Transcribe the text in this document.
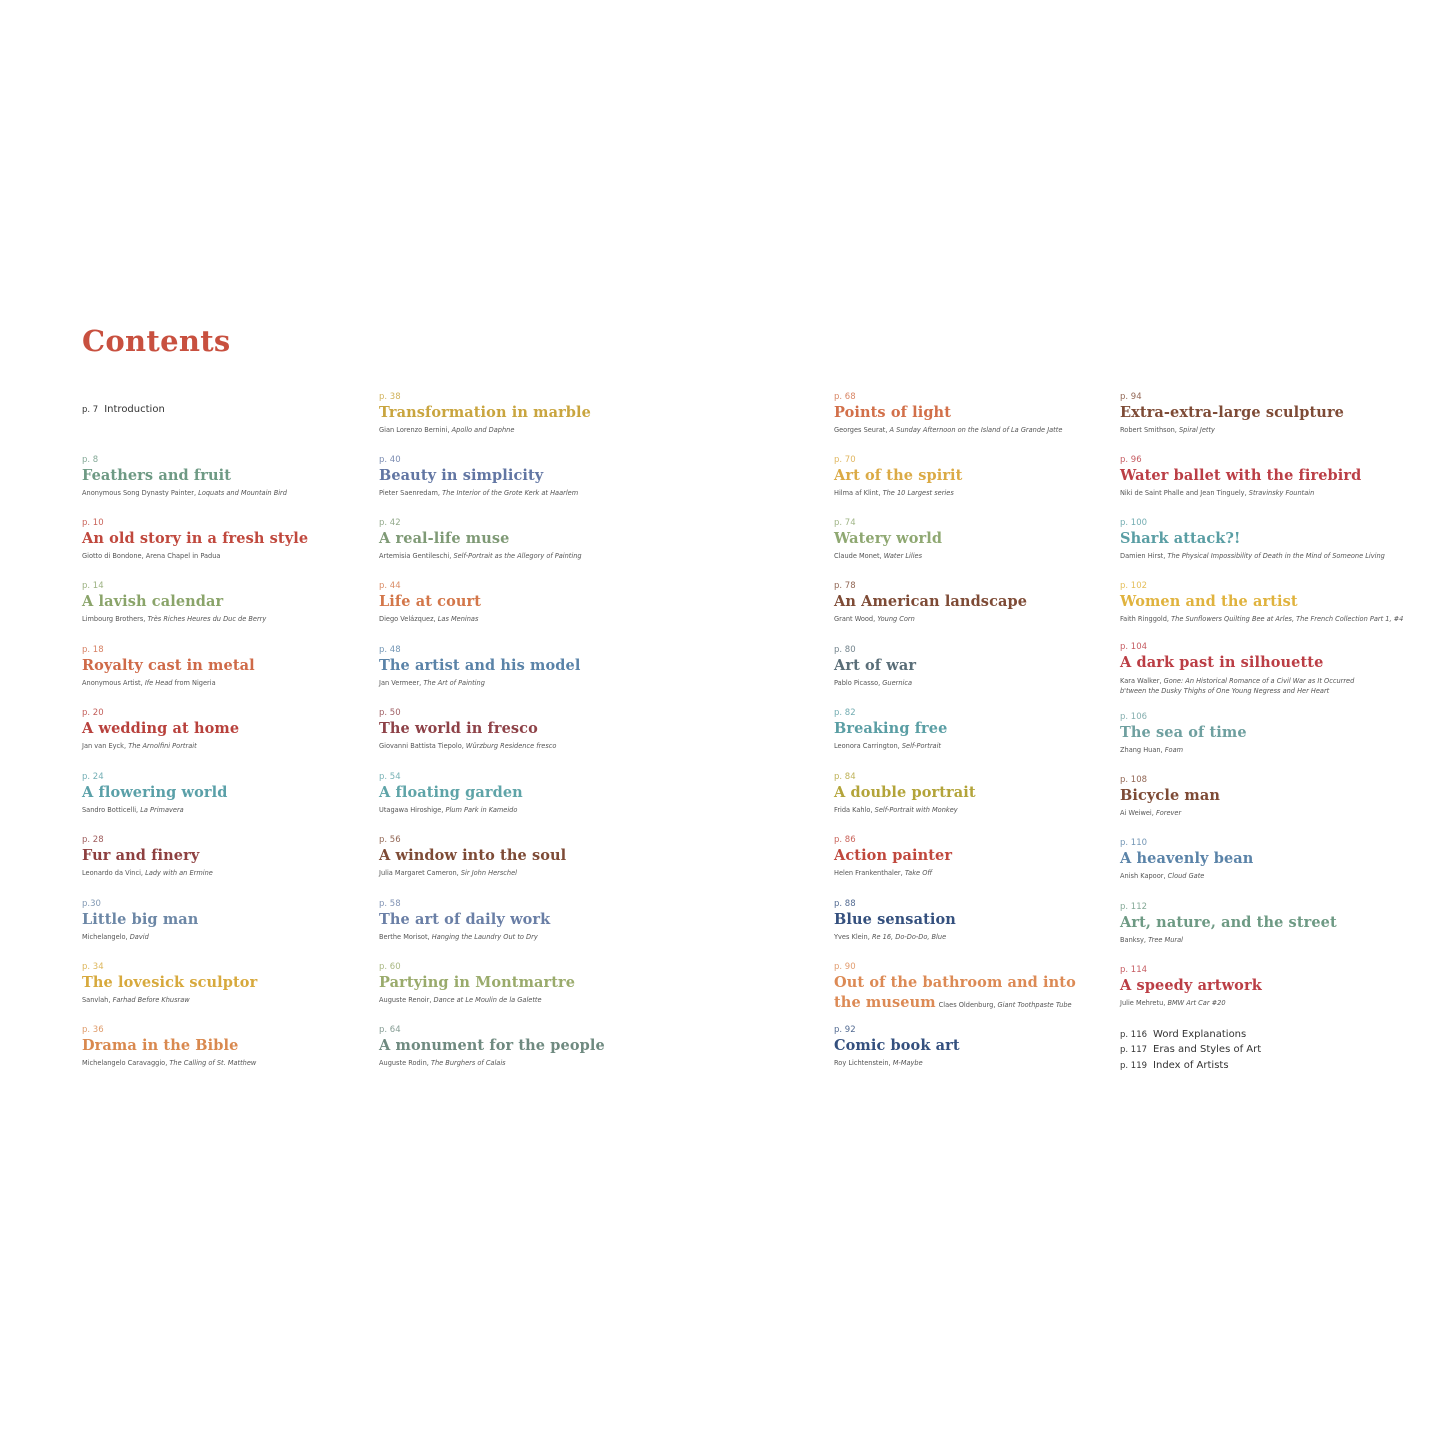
Contents
p. 7 Introduction
p. 8
Feathers and fruit
Anonymous Song Dynasty Painter, Loquats and Mountain Bird
p. 10
An old story in a fresh style
Giotto di Bondone, Arena Chapel in Padua
p. 14
A lavish calendar
Limbourg Brothers, Très Riches Heures du Duc de Berry
p. 18
Royalty cast in metal
Anonymous Artist, Ife Head from Nigeria
p. 20
A wedding at home
Jan van Eyck, The Arnolfini Portrait
p. 24
A flowering world
Sandro Botticelli, La Primavera
p. 28
Fur and finery
Leonardo da Vinci, Lady with an Ermine
p.30
Little big man
Michelangelo, David
p. 34
The lovesick sculptor
Sanvlah, Farhad Before Khusraw
p. 36
Drama in the Bible
Michelangelo Caravaggio, The Calling of St. Matthew
p. 38
Transformation in marble
Gian Lorenzo Bernini, Apollo and Daphne
p. 40
Beauty in simplicity
Pieter Saenredam, The Interior of the Grote Kerk at Haarlem
p. 42
A real-life muse
Artemisia Gentileschi, Self-Portrait as the Allegory of Painting
p. 44
Life at court
Diego Velázquez, Las Meninas
p. 48
The artist and his model
Jan Vermeer, The Art of Painting
p. 50
The world in fresco
Giovanni Battista Tiepolo, Würzburg Residence fresco
p. 54
A floating garden
Utagawa Hiroshige, Plum Park in Kameido
p. 56
A window into the soul
Julia Margaret Cameron, Sir John Herschel
p. 58
The art of daily work
Berthe Morisot, Hanging the Laundry Out to Dry
p. 60
Partying in Montmartre
Auguste Renoir, Dance at Le Moulin de la Galette
p. 64
A monument for the people
Auguste Rodin, The Burghers of Calais
p. 68
Points of light
Georges Seurat, A Sunday Afternoon on the Island of La Grande Jatte
p. 70
Art of the spirit
Hilma af Klint, The 10 Largest series
p. 74
Watery world
Claude Monet, Water Lilies
p. 78
An American landscape
Grant Wood, Young Corn
p. 80
Art of war
Pablo Picasso, Guernica
p. 82
Breaking free
Leonora Carrington, Self-Portrait
p. 84
A double portrait
Frida Kahlo, Self-Portrait with Monkey
p. 86
Action painter
Helen Frankenthaler, Take Off
p. 88
Blue sensation
Yves Klein, Re 16, Do-Do-Do, Blue
p. 90
Out of the bathroom and into
the museum Claes Oldenburg, Giant Toothpaste Tube
p. 92
Comic book art
Roy Lichtenstein, M-Maybe
p. 94
Extra-extra-large sculpture
Robert Smithson, Spiral Jetty
p. 96
Water ballet with the firebird
Niki de Saint Phalle and Jean Tinguely, Stravinsky Fountain
p. 100
Shark attack?!
Damien Hirst, The Physical Impossibility of Death in the Mind of Someone Living
p. 102
Women and the artist
Faith Ringgold, The Sunflowers Quilting Bee at Arles, The French Collection Part 1, #4
p. 104
A dark past in silhouette
Kara Walker, Gone: An Historical Romance of a Civil War as It Occurred
b'tween the Dusky Thighs of One Young Negress and Her Heart
p. 106
The sea of time
Zhang Huan, Foam
p. 108
Bicycle man
Ai Weiwei, Forever
p. 110
A heavenly bean
Anish Kapoor, Cloud Gate
p. 112
Art, nature, and the street
Banksy, Tree Mural
p. 114
A speedy artwork
Julie Mehretu, BMW Art Car #20
p. 116 Word Explanations
p. 117 Eras and Styles of Art
p. 119 Index of Artists
